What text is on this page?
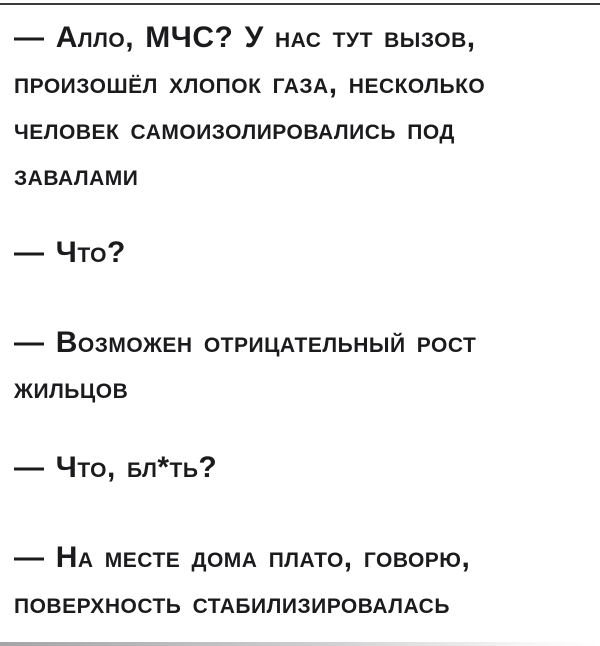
— Алло, МЧС? У нас тут вызов,
произошёл хлопок газа, несколько
человек самоизолировались под
завалами
— Что?
— Возможен отрицательный рост
жильцов
— Что, бл*ть?
— На месте дома плато, говорю,
поверхность стабилизировалась
